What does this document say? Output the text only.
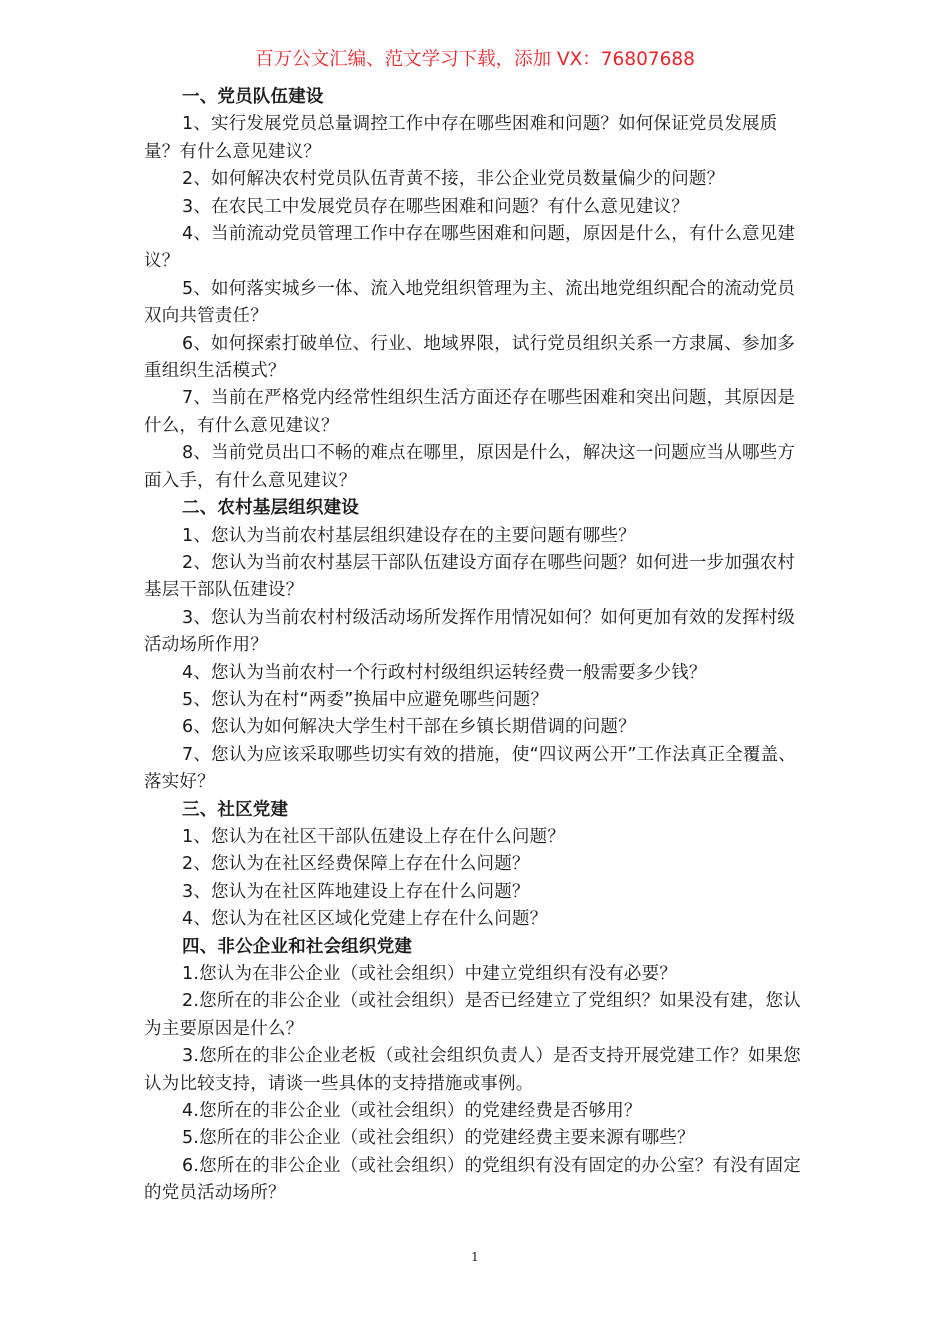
百万公文汇编、范文学习下载，添加 VX：76807688
一、党员队伍建设

1、实行发展党员总量调控工作中存在哪些困难和问题？如何保证党员发展质量？有什么意见建议？

2、如何解决农村党员队伍青黄不接，非公企业党员数量偏少的问题？

3、在农民工中发展党员存在哪些困难和问题？有什么意见建议？

4、当前流动党员管理工作中存在哪些困难和问题，原因是什么，有什么意见建议？

5、如何落实城乡一体、流入地党组织管理为主、流出地党组织配合的流动党员双向共管责任？

6、如何探索打破单位、行业、地域界限，试行党员组织关系一方隶属、参加多重组织生活模式？

7、当前在严格党内经常性组织生活方面还存在哪些困难和突出问题，其原因是什么，有什么意见建议？

8、当前党员出口不畅的难点在哪里，原因是什么，解决这一问题应当从哪些方面入手，有什么意见建议？

二、农村基层组织建设

1、您认为当前农村基层组织建设存在的主要问题有哪些？

2、您认为当前农村基层干部队伍建设方面存在哪些问题？如何进一步加强农村基层干部队伍建设？

3、您认为当前农村村级活动场所发挥作用情况如何？如何更加有效的发挥村级活动场所作用？

4、您认为当前农村一个行政村村级组织运转经费一般需要多少钱？

5、您认为在村“两委”换届中应避免哪些问题？

6、您认为如何解决大学生村干部在乡镇长期借调的问题？

7、您认为应该采取哪些切实有效的措施，使“四议两公开”工作法真正全覆盖、落实好？

三、社区党建

1、您认为在社区干部队伍建设上存在什么问题？

2、您认为在社区经费保障上存在什么问题？

3、您认为在社区阵地建设上存在什么问题？

4、您认为在社区区域化党建上存在什么问题？

四、非公企业和社会组织党建

1.您认为在非公企业（或社会组织）中建立党组织有没有必要？

2.您所在的非公企业（或社会组织）是否已经建立了党组织？如果没有建，您认为主要原因是什么？

3.您所在的非公企业老板（或社会组织负责人）是否支持开展党建工作？如果您认为比较支持，请谈一些具体的支持措施或事例。

4.您所在的非公企业（或社会组织）的党建经费是否够用？

5.您所在的非公企业（或社会组织）的党建经费主要来源有哪些？

6.您所在的非公企业（或社会组织）的党组织有没有固定的办公室？有没有固定的党员活动场所？

1
